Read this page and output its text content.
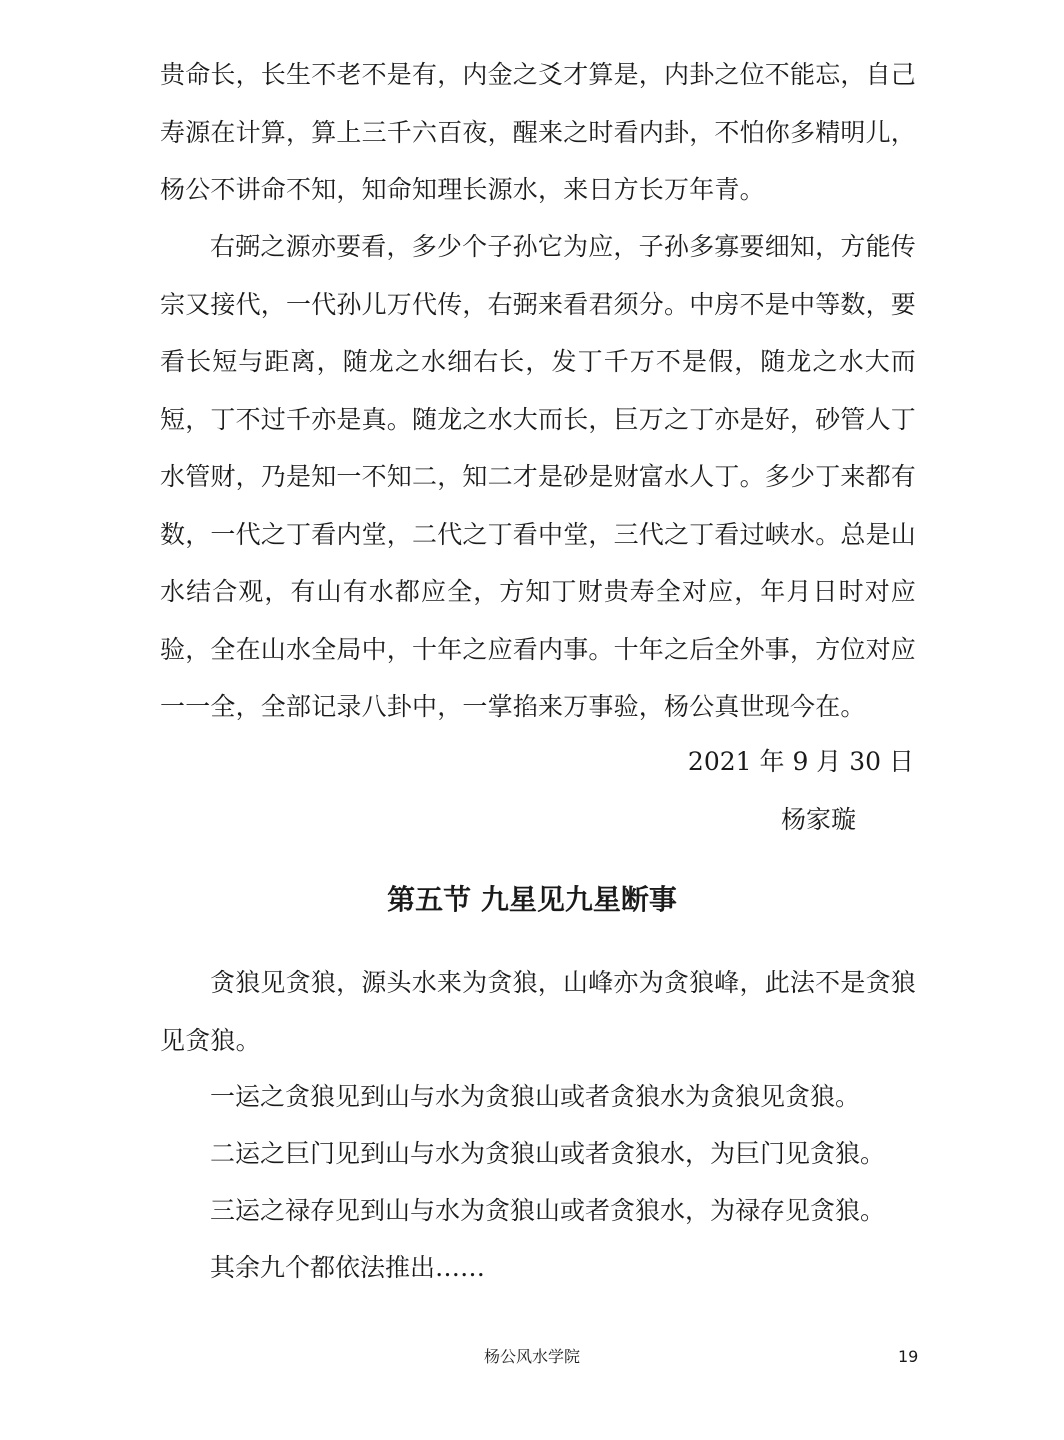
贵命长，长生不老不是有，内金之爻才算是，内卦之位不能忘，自己寿源在计算，算上三千六百夜，醒来之时看内卦，不怕你多精明儿，杨公不讲命不知，知命知理长源水，来日方长万年青。

右弼之源亦要看，多少个子孙它为应，子孙多寡要细知，方能传宗又接代，一代孙儿万代传，右弼来看君须分。中房不是中等数，要看长短与距离，随龙之水细右长，发丁千万不是假，随龙之水大而短，丁不过千亦是真。随龙之水大而长，巨万之丁亦是好，砂管人丁水管财，乃是知一不知二，知二才是砂是财富水人丁。多少丁来都有数，一代之丁看内堂，二代之丁看中堂，三代之丁看过峡水。总是山水结合观，有山有水都应全，方知丁财贵寿全对应，年月日时对应验，全在山水全局中，十年之应看内事。十年之后全外事，方位对应一一全，全部记录八卦中，一掌掐来万事验，杨公真世现今在。

2021 年 9 月 30 日

杨家璇

第五节 九星见九星断事

贪狼见贪狼，源头水来为贪狼，山峰亦为贪狼峰，此法不是贪狼见贪狼。

一运之贪狼见到山与水为贪狼山或者贪狼水为贪狼见贪狼。

二运之巨门见到山与水为贪狼山或者贪狼水，为巨门见贪狼。

三运之禄存见到山与水为贪狼山或者贪狼水，为禄存见贪狼。

其余九个都依法推出……

杨公风水学院	19
